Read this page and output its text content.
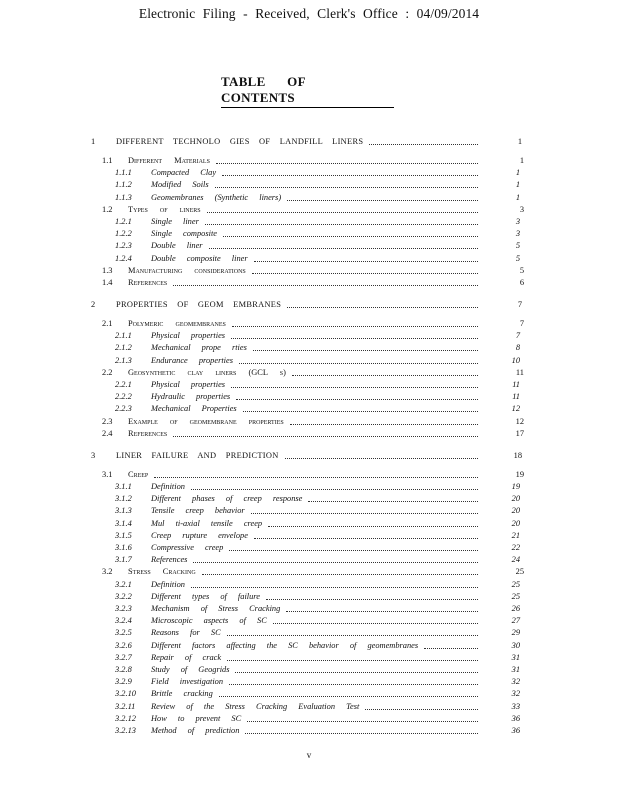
Electronic Filing - Received, Clerk's Office : 04/09/2014
TABLE OF CONTENTS
1 DIFFERENT TECHNOLO GIES OF LANDFILL LINERS	1
1.1 Different Materials	1
1.1.1 Compacted Clay	1
1.1.2 Modified Soils	1
1.1.3 Geomembranes (Synthetic liners)	1
1.2 Types of liners	3
1.2.1 Single liner	3
1.2.2 Single composite	3
1.2.3 Double liner	5
1.2.4 Double composite liner	5
1.3 Manufacturing considerations	5
1.4 References	6
2 PROPERTIES OF GEOM EMBRANES	7
2.1 Polymeric geomembranes	7
2.1.1 Physical properties	7
2.1.2 Mechanical prope rties	8
2.1.3 Endurance properties	10
2.2 Geosynthetic clay liners (GCL s)	11
2.2.1 Physical properties	11
2.2.2 Hydraulic properties	11
2.2.3 Mechanical Properties	12
2.3 Example of geomembrane properties	12
2.4 References	17
3 LINER FAILURE AND PREDICTION	18
3.1 Creep	19
3.1.1 Definition	19
3.1.2 Different phases of creep response	20
3.1.3 Tensile creep behavior	20
3.1.4 Mul ti-axial tensile creep	20
3.1.5 Creep rupture envelope	21
3.1.6 Compressive creep	22
3.1.7 References	24
3.2 Stress Cracking	25
3.2.1 Definition	25
3.2.2 Different types of failure	25
3.2.3 Mechanism of Stress Cracking	26
3.2.4 Microscopic aspects of SC	27
3.2.5 Reasons for SC	29
3.2.6 Different factors affecting the SC behavior of geomembranes	30
3.2.7 Repair of crack	31
3.2.8 Study of Geogrids	31
3.2.9 Field investigation	32
3.2.10 Brittle cracking	32
3.2.11 Review of the Stress Cracking Evaluation Test	33
3.2.12 How to prevent SC	36
3.2.13 Method of prediction	36
v
